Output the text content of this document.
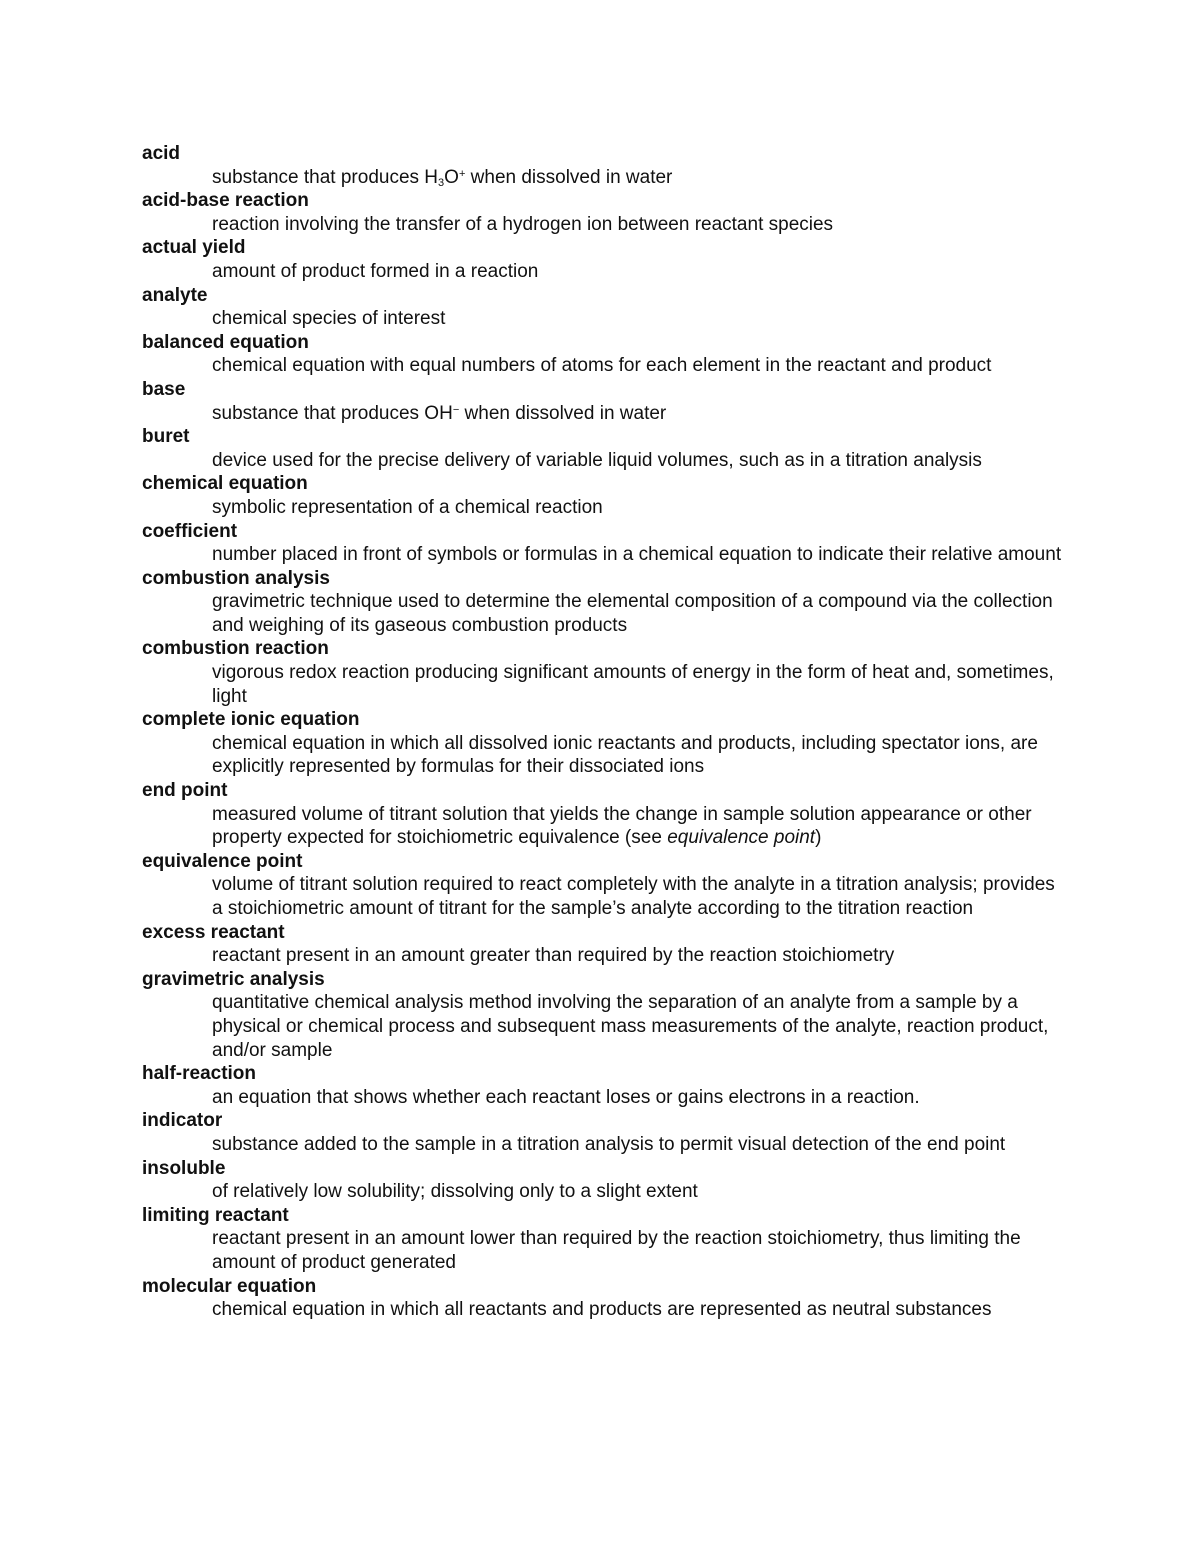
acid
substance that produces $H_3O^+$ when dissolved in water
acid-base reaction
reaction involving the transfer of a hydrogen ion between reactant species
actual yield
amount of product formed in a reaction
analyte
chemical species of interest
balanced equation
chemical equation with equal numbers of atoms for each element in the reactant and product
base
substance that produces OH− when dissolved in water
buret
device used for the precise delivery of variable liquid volumes, such as in a titration analysis
chemical equation
symbolic representation of a chemical reaction
coefficient
number placed in front of symbols or formulas in a chemical equation to indicate their relative amount
combustion analysis
gravimetric technique used to determine the elemental composition of a compound via the collection and weighing of its gaseous combustion products
combustion reaction
vigorous redox reaction producing significant amounts of energy in the form of heat and, sometimes, light
complete ionic equation
chemical equation in which all dissolved ionic reactants and products, including spectator ions, are explicitly represented by formulas for their dissociated ions
end point
measured volume of titrant solution that yields the change in sample solution appearance or other property expected for stoichiometric equivalence (see equivalence point)
equivalence point
volume of titrant solution required to react completely with the analyte in a titration analysis; provides a stoichiometric amount of titrant for the sample’s analyte according to the titration reaction
excess reactant
reactant present in an amount greater than required by the reaction stoichiometry
gravimetric analysis
quantitative chemical analysis method involving the separation of an analyte from a sample by a physical or chemical process and subsequent mass measurements of the analyte, reaction product, and/or sample
half-reaction
an equation that shows whether each reactant loses or gains electrons in a reaction.
indicator
substance added to the sample in a titration analysis to permit visual detection of the end point
insoluble
of relatively low solubility; dissolving only to a slight extent
limiting reactant
reactant present in an amount lower than required by the reaction stoichiometry, thus limiting the amount of product generated
molecular equation
chemical equation in which all reactants and products are represented as neutral substances
